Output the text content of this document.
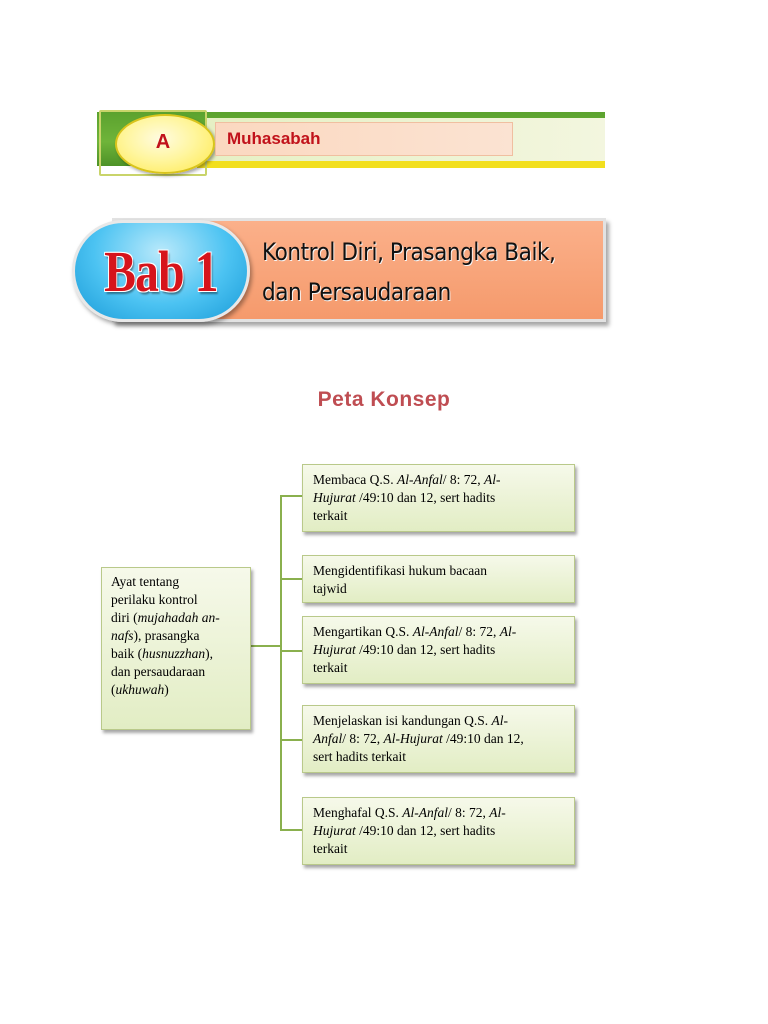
A	Muhasabah
Bab 1	Kontrol Diri, Prasangka Baik,
dan Persaudaraan
Peta Konsep
Ayat tentang
perilaku kontrol
diri (mujahadah an-
nafs), prasangka
baik (husnuzzhan),
dan persaudaraan
(ukhuwah)
Membaca Q.S. Al-Anfal/ 8: 72, Al-
Hujurat /49:10 dan 12, sert hadits
terkait
Mengidentifikasi hukum bacaan
tajwid
Mengartikan Q.S. Al-Anfal/ 8: 72, Al-
Hujurat /49:10 dan 12, sert hadits
terkait
Menjelaskan isi kandungan Q.S. Al-
Anfal/ 8: 72, Al-Hujurat /49:10 dan 12,
sert hadits terkait
Menghafal Q.S. Al-Anfal/ 8: 72, Al-
Hujurat /49:10 dan 12, sert hadits
terkait
